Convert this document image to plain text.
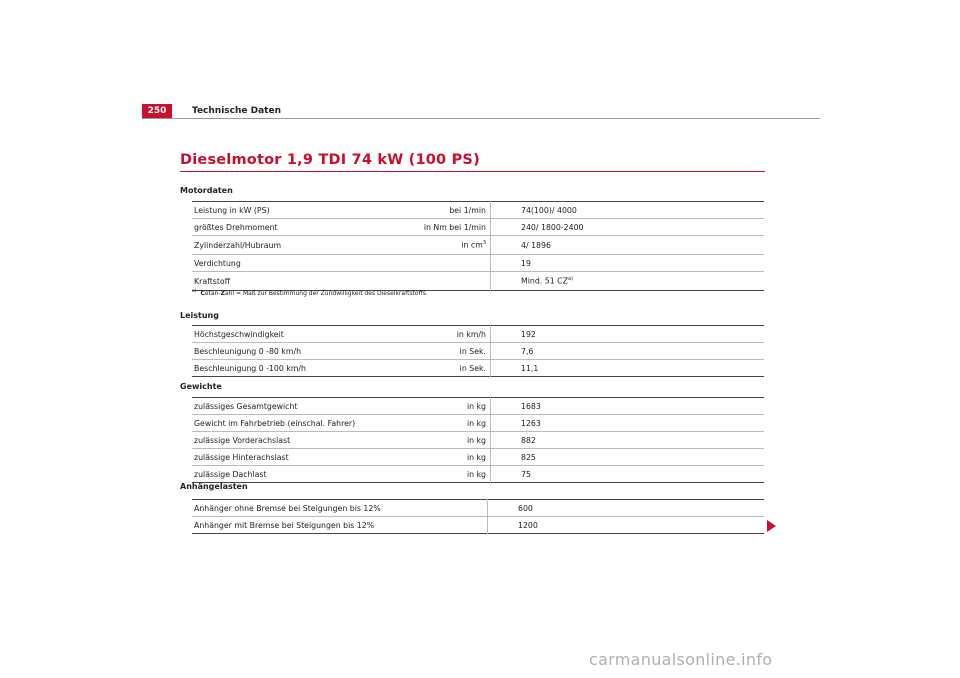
250	Technische Daten
Dieselmotor 1,9 TDI 74 kW (100 PS)
Motordaten
Leistung in kW (PS)	bei 1/min	74(100)/ 4000
größtes Drehmoment	in Nm bei 1/min	240/ 1800-2400
Zylinderzahl/Hubraum	in $cm^3$	4/ 1896
Verdichtung		19
Kraftstoff		Mind. 51 CZ$^{a)}$
$^{a)}$ Cetan-Zahl = Maß zur Bestimmung der Zündwilligkeit des Dieselkraftstoffs.
Leistung
Höchstgeschwindigkeit	in km/h	192
Beschleunigung 0 -80 km/h	in Sek.	7,6
Beschleunigung 0 -100 km/h	in Sek.	11,1
Gewichte
zulässiges Gesamtgewicht	in kg	1683
Gewicht im Fahrbetrieb (einschal. Fahrer)	in kg	1263
zulässige Vorderachslast	in kg	882
zulässige Hinterachslast	in kg	825
zulässige Dachlast	in kg	75
Anhängelasten
Anhänger ohne Bremse bei Steigungen bis 12%	600
Anhänger mit Bremse bei Steigungen bis 12%	1200
carmanualsonline.info
